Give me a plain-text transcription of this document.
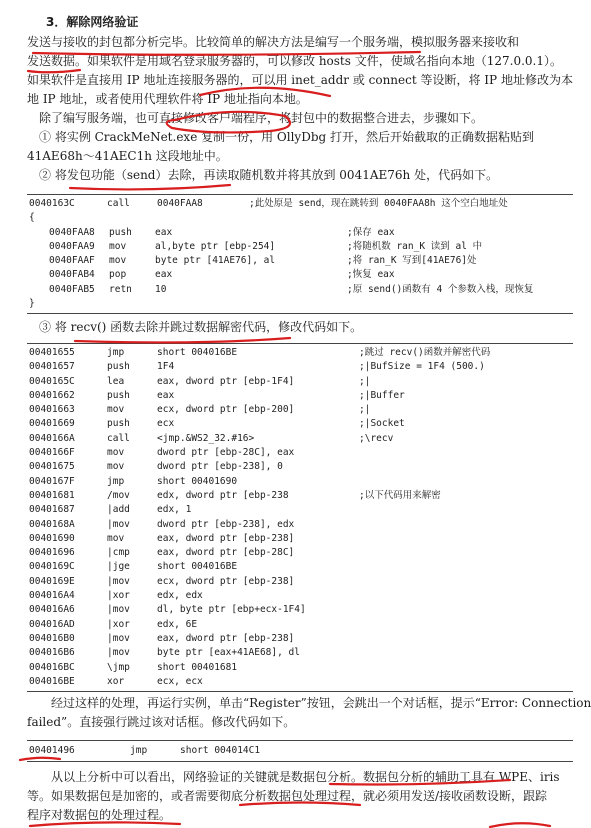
3．解除网络验证

发送与接收的封包都分析完毕。比较简单的解决方法是编写一个服务端，模拟服务器来接收和

发送数据。如果软件是用域名登录服务器的，可以修改 hosts 文件，使域名指向本地（127.0.0.1）。

如果软件是直接用 IP 地址连接服务器的，可以用 inet_addr 或 connect 等设断，将 IP 地址修改为本

地 IP 地址，或者使用代理软件将 IP 地址指向本地。

　除了编写服务端，也可直接修改客户端程序，将封包中的数据整合进去，步骤如下。

　① 将实例 CrackMeNet.exe 复制一份，用 OllyDbg 打开，然后开始截取的正确数据粘贴到

41AE68h～41AEC1h 这段地址中。

　② 将发包功能（send）去除，再读取随机数并将其放到 0041AE76h 处，代码如下。

0040163C	call	0040FAA8	;此处原是 send，现在跳转到 0040FAA8h 这个空白地址处
{
0040FAA8 push eax	;保存 eax
0040FAA9 mov	al,byte ptr [ebp-254]	;将随机数 ran_K 读到 al 中
0040FAAF mov	byte ptr [41AE76], al	;将 ran_K 写到[41AE76]处
0040FAB4 pop	eax	;恢复 eax
0040FAB5 retn 10	;原 send()函数有 4 个参数入栈，现恢复
}

　③ 将 recv() 函数去除并跳过数据解密代码，修改代码如下。

00401655	jmp	short 004016BE	;跳过 recv()函数并解密代码
00401657	push	1F4	;|BufSize = 1F4 (500.)
0040165C	lea	eax, dword ptr [ebp-1F4]	;|
00401662	push	eax	;|Buffer
00401663	mov	ecx, dword ptr [ebp-200]	;|
00401669	push	ecx	;|Socket
0040166A	call	<jmp.&WS2_32.#16>	;\recv
0040166F	mov	dword ptr [ebp-28C], eax
00401675	mov	dword ptr [ebp-238], 0
0040167F	jmp	short 00401690
00401681	/mov	edx, dword ptr [ebp-238	;以下代码用来解密
00401687	|add	edx, 1
0040168A	|mov	dword ptr [ebp-238], edx
00401690	mov	eax, dword ptr [ebp-238]
00401696	|cmp	eax, dword ptr [ebp-28C]
0040169C	|jge	short 004016BE
0040169E	|mov	ecx, dword ptr [ebp-238]
004016A4	|xor	edx, edx
004016A6	|mov	dl, byte ptr [ebp+ecx-1F4]
004016AD	|xor	edx, 6E
004016B0	|mov	eax, dword ptr [ebp-238]
004016B6	|mov	byte ptr [eax+41AE68], dl
004016BC	\jmp	short 00401681
004016BE	xor	ecx, ecx

　　经过这样的处理，再运行实例，单击“Register”按钮，会跳出一个对话框，提示“Error: Connection

failed”。直接强行跳过该对话框。修改代码如下。

00401496	jmp	short 004014C1

　　从以上分析中可以看出，网络验证的关键就是数据包分析。数据包分析的辅助工具有 WPE、iris

等。如果数据包是加密的，或者需要彻底分析数据包处理过程，就必须用发送/接收函数设断，跟踪

程序对数据包的处理过程。
